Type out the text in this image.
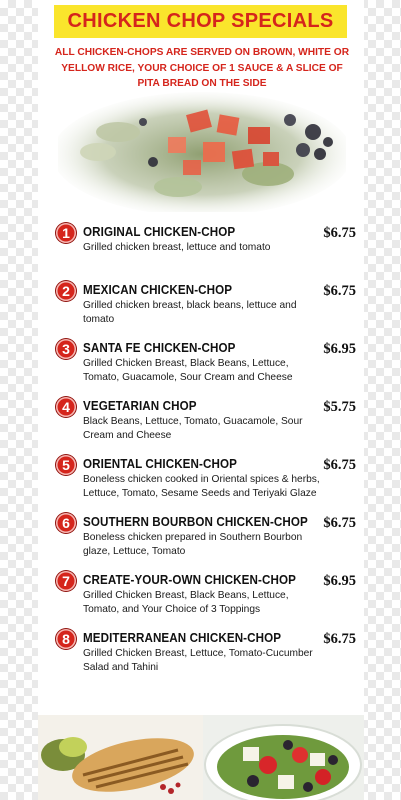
CHICKEN CHOP SPECIALS
ALL CHICKEN-CHOPS ARE SERVED ON BROWN, WHITE OR YELLOW RICE, YOUR CHOICE OF 1 SAUCE & A SLICE OF PITA BREAD ON THE SIDE
1	ORIGINAL CHICKEN-CHOP	$6.75
Grilled chicken breast, lettuce and tomato
2	MEXICAN CHICKEN-CHOP	$6.75
Grilled chicken breast, black beans, lettuce and tomato
3	SANTA FE CHICKEN-CHOP	$6.95
Grilled Chicken Breast, Black Beans, Lettuce, Tomato, Guacamole, Sour Cream and Cheese
4	VEGETARIAN CHOP	$5.75
Black Beans, Lettuce, Tomato, Guacamole, Sour Cream and Cheese
5	ORIENTAL CHICKEN-CHOP	$6.75
Boneless chicken cooked in Oriental spices & herbs, Lettuce, Tomato, Sesame Seeds and Teriyaki Glaze
6	SOUTHERN BOURBON CHICKEN-CHOP $6.75
Boneless chicken prepared in Southern Bourbon glaze, Lettuce, Tomato
7	CREATE-YOUR-OWN CHICKEN-CHOP $6.95
Grilled Chicken Breast, Black Beans, Lettuce, Tomato, and Your Choice of 3 Toppings
8	MEDITERRANEAN CHICKEN-CHOP	$6.75
Grilled Chicken Breast, Lettuce, Tomato-Cucumber Salad and Tahini
